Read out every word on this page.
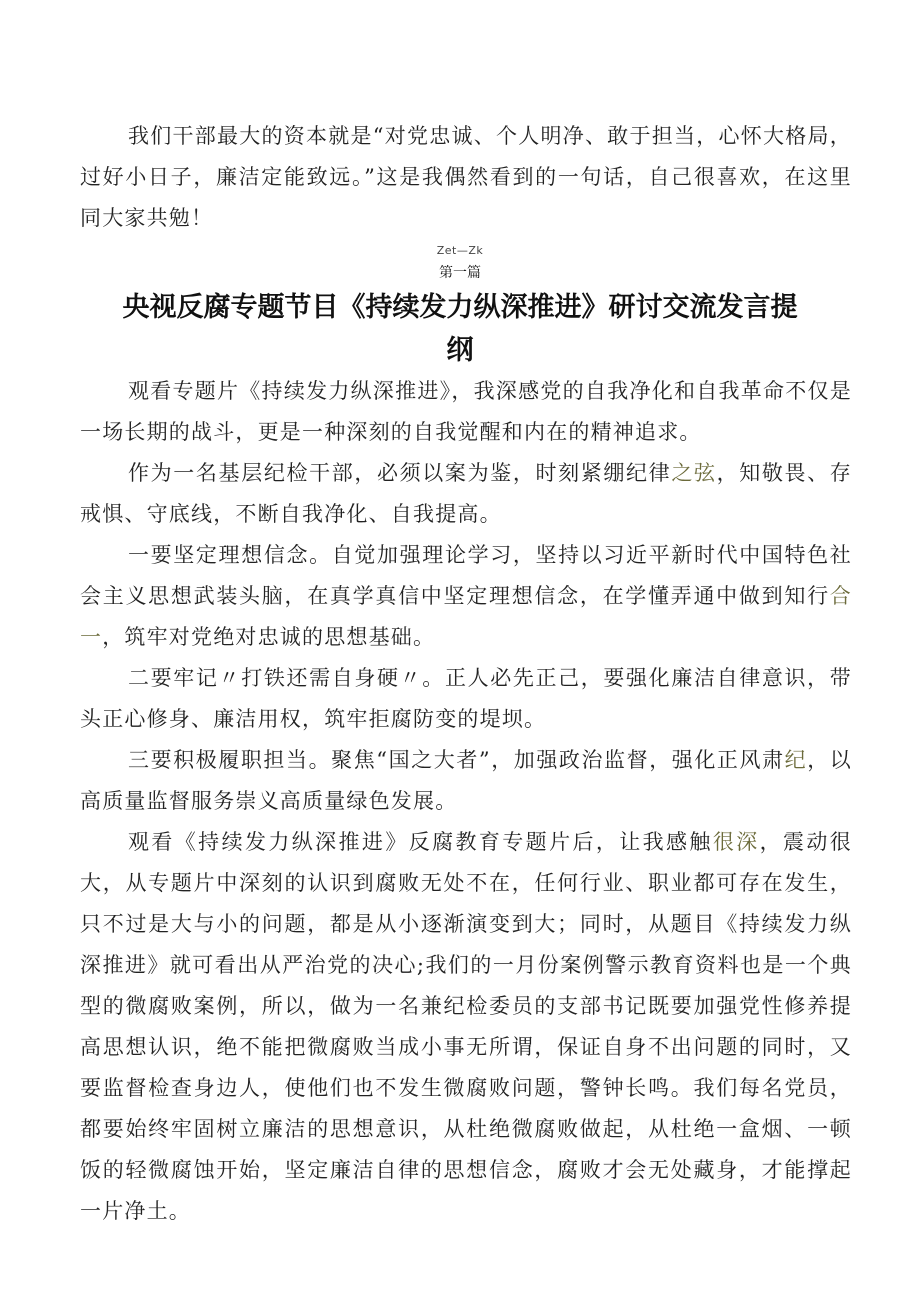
我们干部最大的资本就是“对党忠诚、个人明净、敢于担当，心怀大格局，过好小日子，廉洁定能致远。”这是我偶然看到的一句话，自己很喜欢，在这里同大家共勉！

Zet—Zk

第一篇

央视反腐专题节目《持续发力纵深推进》研讨交流发言提纲

观看专题片《持续发力纵深推进》，我深感党的自我净化和自我革命不仅是一场长期的战斗，更是一种深刻的自我觉醒和内在的精神追求。

作为一名基层纪检干部，必须以案为鉴，时刻紧绷纪律之弦，知敬畏、存戒惧、守底线，不断自我净化、自我提高。

一要坚定理想信念。自觉加强理论学习，坚持以习近平新时代中国特色社会主义思想武装头脑，在真学真信中坚定理想信念，在学懂弄通中做到知行合一，筑牢对党绝对忠诚的思想基础。

二要牢记〃打铁还需自身硬〃。正人必先正己，要强化廉洁自律意识，带头正心修身、廉洁用权，筑牢拒腐防变的堤坝。

三要积极履职担当。聚焦“国之大者”，加强政治监督，强化正风肃纪，以高质量监督服务崇义高质量绿色发展。

观看《持续发力纵深推进》反腐教育专题片后，让我感触很深，震动很大，从专题片中深刻的认识到腐败无处不在，任何行业、职业都可存在发生，只不过是大与小的问题，都是从小逐渐演变到大；同时，从题目《持续发力纵深推进》就可看出从严治党的决心;我们的一月份案例警示教育资料也是一个典型的微腐败案例，所以，做为一名兼纪检委员的支部书记既要加强党性修养提高思想认识，绝不能把微腐败当成小事无所谓，保证自身不出问题的同时，又要监督检查身边人，使他们也不发生微腐败问题，警钟长鸣。我们每名党员，都要始终牢固树立廉洁的思想意识，从杜绝微腐败做起，从杜绝一盒烟、一顿饭的轻微腐蚀开始，坚定廉洁自律的思想信念，腐败才会无处藏身，才能撑起一片净土。
